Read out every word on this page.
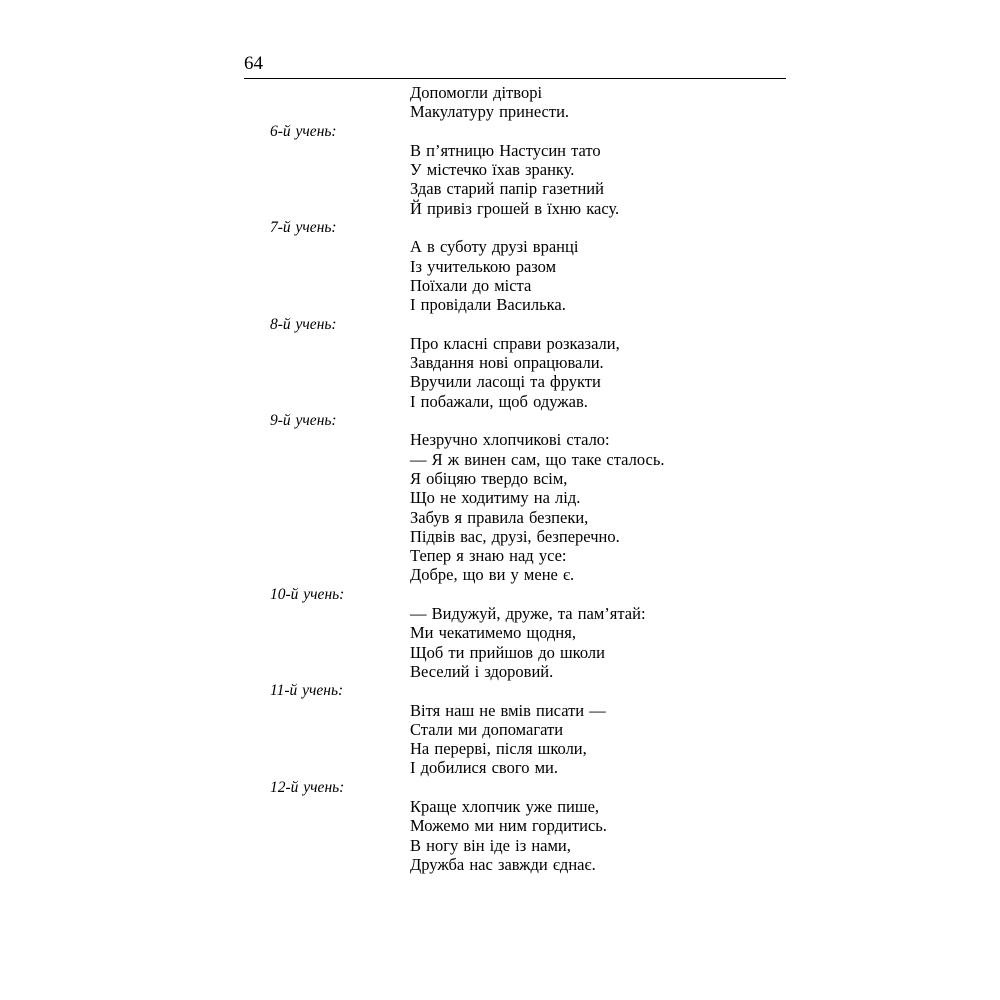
64
Допомогли дітворі
Макулатуру принести.
6-й учень:
В п’ятницю Настусин тато
У містечко їхав зранку.
Здав старий папір газетний
Й привіз грошей в їхню касу.
7-й учень:
А в суботу друзі вранці
Із учителькою разом
Поїхали до міста
І провідали Василька.
8-й учень:
Про класні справи розказали,
Завдання нові опрацювали.
Вручили ласощі та фрукти
І побажали, щоб одужав.
9-й учень:
Незручно хлопчикові стало:
— Я ж винен сам, що таке сталось.
Я обіцяю твердо всім,
Що не ходитиму на лід.
Забув я правила безпеки,
Підвів вас, друзі, безперечно.
Тепер я знаю над усе:
Добре, що ви у мене є.
10-й учень:
— Видужуй, друже, та пам’ятай:
Ми чекатимемо щодня,
Щоб ти прийшов до школи
Веселий і здоровий.
11-й учень:
Вітя наш не вмів писати —
Стали ми допомагати
На перерві, після школи,
І добилися свого ми.
12-й учень:
Краще хлопчик уже пише,
Можемо ми ним гордитись.
В ногу він іде із нами,
Дружба нас завжди єднає.
